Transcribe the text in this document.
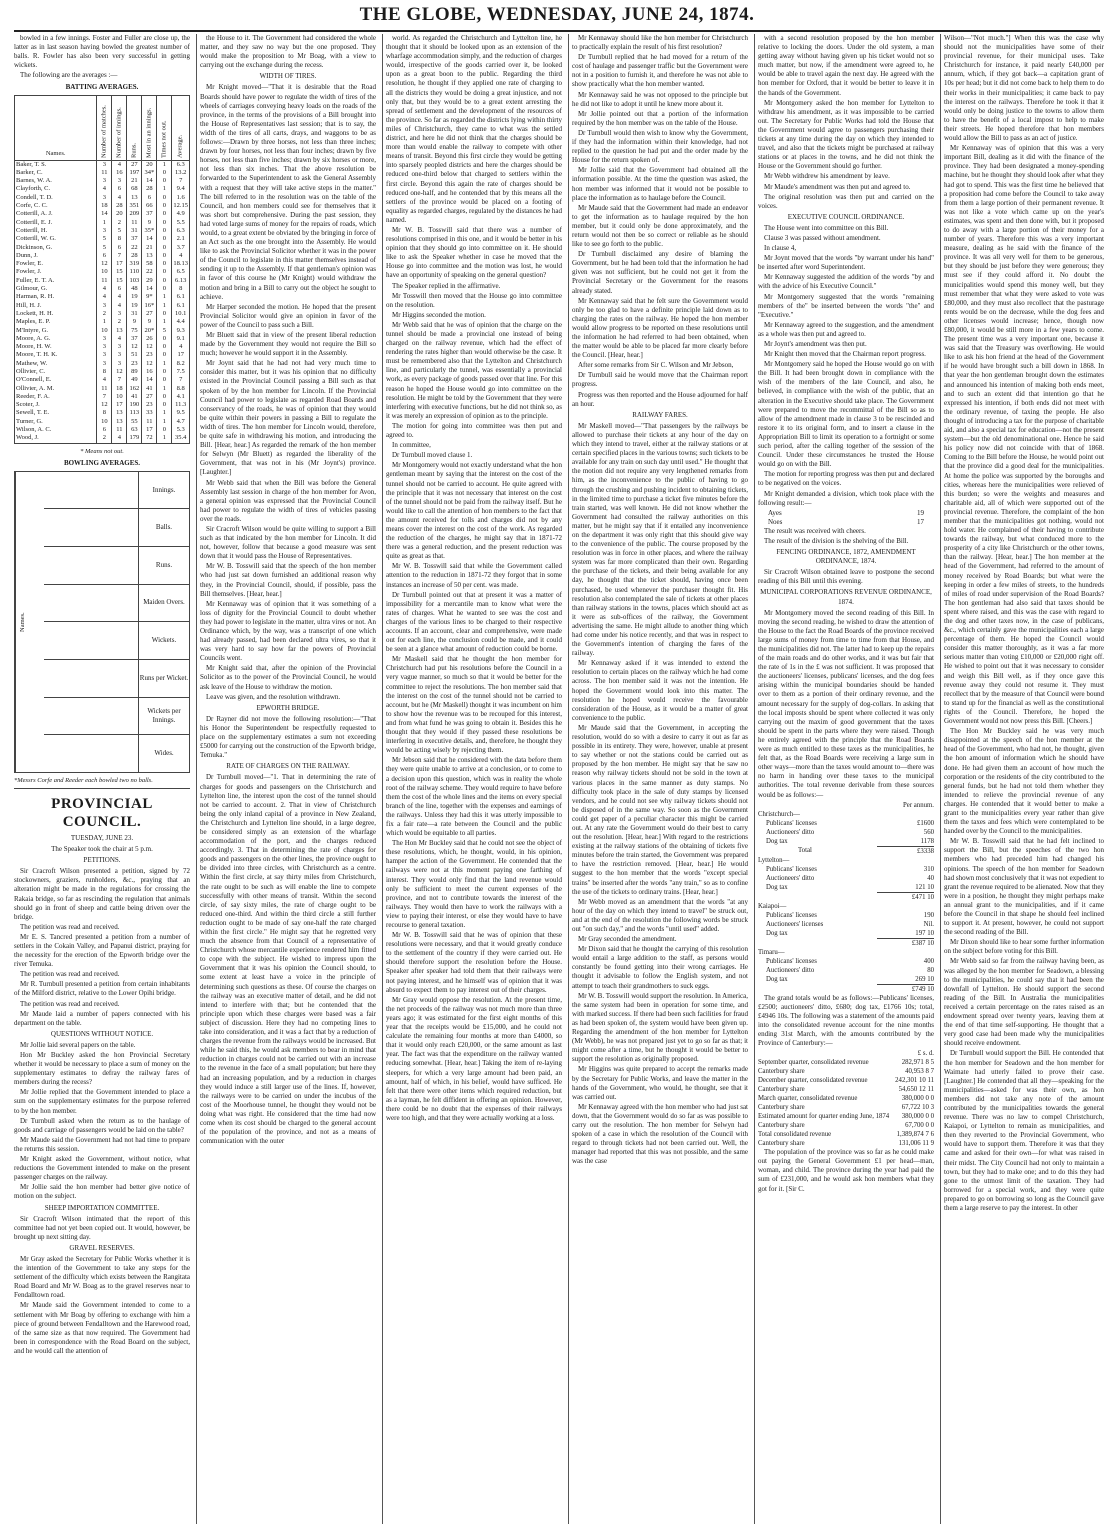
THE GLOBE, WEDNESDAY, JUNE 24, 1874.

bowled in a few innings. Foster and Fuller are close up, the latter as in last season having bowled the greatest number of balls. R. Fowler has also been very successful in getting wickets.

The following are the averages :—

BATTING AVERAGES.
Names.	Number of matches.	Number of innings.	Runs.	Most in an innings.	Times not out.	Average.
Baker, T. S.	3	4	27	20	1	6.3
Barker, C.	11	16	197	34*	0	13.2
Barnes, W. A.	3	3	21	14	0	7
Clayforth, C.	4	6	68	28	1	9.4
Condell, T. D.	3	4	13	6	0	1.6
Corfe, C. C.	18	28	351	66	0	12.15
Cotterill, A. J.	14	20	209	37	0	4.9
Cotterill, E. J.	1	2	11	9	0	5.5
Cotterill, H.	3	5	31	35*	0	6.3
Cotterill, W. G.	5	8	37	14	0	2.1
Dickinson, G.	5	6	22	21	0	3.7
Dunn, J.	6	7	28	13	0	4
Fowler, E.	12	17	319	58	0	18.13
Fowler, J.	10	15	110	22	0	6.5
Fuller, E. T. A.	11	15	103	29	0	6.13
Gilmour, G.	4	6	48	14	0	8
Harman, R. H.	4	4	19	9*	1	6.1
Hill, H. J.	3	4	19	16*	1	6.1
Lockett, H. H.	2	3	31	27	0	10.1
Maples, E. P.	1	2	9	9	1	4.4
M'Intyre, G.	10	13	75	20*	5	9.3
Moore, A. G.	3	4	37	26	0	9.1
Moore, H. W.	3	3	12	12	0	4
Moore, T. H. K.	3	3	51	23	0	17
Mathew, W.	3	3	23	12	1	8.2
Ollivier, C.	8	12	89	16	0	7.5
O'Connell, E.	4	7	49	14	0	7
Ollivier, A. M.	11	18	162	41	1	8.8
Reeder, F. A.	7	10	41	27	0	4.1
Scoter, J.	12	17	190	23	0	11.3
Sewell, T. E.	8	13	113	33	1	9.5
Turner, G.	10	13	55	11	1	4.7
Wilson, A. C.	6	11	63	17	0	5.3
Wood, J.	2	4	179	72	1	35.4
* Means not out.
BOWLING AVERAGES.
Names.
Innings.
Balls.
Runs.
Maiden Overs.
Wickets.
Runs per Wicket.
Wickets per Innings.
Wides.
*Messrs Corfe and Reeder each bowled two no balls.
PROVINCIAL COUNCIL.
TUESDAY, JUNE 23.

The Speaker took the chair at 5 p.m.

PETITIONS.

Sir Cracroft Wilson presented a petition, signed by 72 stockowners, graziers, runholders, &c., praying that an alteration might be made in the regulations for crossing the Rakaia bridge, so far as rescinding the regulation that animals should go in front of sheep and cattle being driven over the bridge.

The petition was read and received.

Mr E. S. Tancred presented a petition from a number of settlers in the Cokain Valley, and Papanui district, praying for the necessity for the erection of the Epworth bridge over the river Temuka.

The petition was read and received.

Mr R. Turnbull presented a petition from certain inhabitants of the Milford district, relative to the Lower Opihi bridge.

The petition was read and received.

Mr Maude laid a number of papers connected with his department on the table.

QUESTIONS WITHOUT NOTICE.

Mr Jollie laid several papers on the table.

Hon Mr Buckley asked the hon Provincial Secretary whether it would be necessary to place a sum of money on the supplementary estimates to defray the railway fares of members during the recess?

Mr Jollie replied that the Government intended to place a sum on the supplementary estimates for the purpose referred to by the hon member.

Dr Turnbull asked when the return as to the haulage of goods and carriage of passengers would be laid on the table?

Mr Maude said the Government had not had time to prepare the returns this session.

Mr Knight asked the Government, without notice, what reductions the Government intended to make on the present passenger charges on the railway.

Mr Jollie said the hon member had better give notice of motion on the subject.

SHEEP IMPORTATION COMMITTEE.

Sir Cracroft Wilson intimated that the report of this committee had not yet been copied out. It would, however, be brought up next sitting day.

GRAVEL RESERVES.

Mr Gray asked the Secretary for Public Works whether it is the intention of the Government to take any steps for the settlement of the difficulty which exists between the Rangitata Road Board and Mr W. Boag as to the gravel reserves near to Fendalltown road.

Mr Maude said the Government intended to come to a settlement with Mr Boag by offering to exchange with him a piece of ground between Fendalltown and the Harewood road, of the same size as that now required. The Government had been in correspondence with the Road Board on the subject, and he would call the attention of

the House to it. The Government had considered the whole matter, and they saw no way but the one proposed. They would make the proposition to Mr Boag, with a view to carrying out the exchange during the recess.

WIDTH OF TIRES.

Mr Knight moved—"That it is desirable that the Road Boards should have power to regulate the width of tires of the wheels of carriages conveying heavy loads on the roads of the province, in the terms of the provisions of a Bill brought into the House of Representatives last session; that is to say, the width of the tires of all carts, drays, and waggons to be as follows:—Drawn by three horses, not less than three inches; drawn by four horses, not less than four inches; drawn by five horses, not less than five inches; drawn by six horses or more, not less than six inches. That the above resolution be forwarded to the Superintendent to ask the General Assembly with a request that they will take active steps in the matter." The bill referred to in the resolution was on the table of the Council, and hon members could see for themselves that it was short but comprehensive. During the past session, they had voted large sums of money for the repairs of roads, which would, to a great extent be obviated by the bringing in force of an Act such as the one brought into the Assembly. He would like to ask the Provincial Solicitor whether it was in the power of the Council to legislate in this matter themselves instead of sending it up to the Assembly. If that gentleman's opinion was in favor of this course he (Mr Knight) would withdraw the motion and bring in a Bill to carry out the object he sought to achieve.

Mr Harper seconded the motion. He hoped that the present Provincial Solicitor would give an opinion in favor of the power of the Council to pass such a Bill.

Mr Bluett said that in view of the present liberal reduction made by the Government they would not require the Bill so much; however he would support it in the Assembly.

Mr Joynt said that he had not had very much time to consider this matter, but it was his opinion that no difficulty existed in the Provincial Council passing a Bill such as that spoken of by the hon member for Lincoln. If the Provincial Council had power to legislate as regarded Road Boards and conservancy of the roads, he was of opinion that they would be quite within their powers in passing a Bill to regulate the width of tires. The hon member for Lincoln would, therefore, be quite safe in withdrawing his motion, and introducing the Bill. [Hear, hear.] As regarded the remark of the hon member for Selwyn (Mr Bluett) as regarded the liberality of the Government, that was not in his (Mr Joynt's) province. [Laughter.]

Mr Webb said that when the Bill was before the General Assembly last session in charge of the hon member for Avon, a general opinion was expressed that the Provincial Council had power to regulate the width of tires of vehicles passing over the roads.

Sir Cracroft Wilson would be quite willing to support a Bill such as that indicated by the hon member for Lincoln. It did not, however, follow that because a good measure was sent down that it would pass the House of Representatives.

Mr W. B. Tosswill said that the speech of the hon member who had just sat down furnished an additional reason why they, in the Provincial Council, should, if possible, pass the Bill themselves. [Hear, hear.]

Mr Kennaway was of opinion that it was something of a loss of dignity for the Provincial Council to doubt whether they had power to legislate in the matter, ultra vires or not. An Ordinance which, by the way, was a transcript of one which had already passed, had been declared ultra vires, so that it was very hard to say how far the powers of Provincial Councils went.

Mr Knight said that, after the opinion of the Provincial Solicitor as to the power of the Provincial Council, he would ask leave of the House to withdraw the motion.

Leave was given, and the resolution withdrawn.

EPWORTH BRIDGE.

Dr Rayner did not move the following resolution:—"That his Honor the Superintendent be respectfully requested to place on the supplementary estimates a sum not exceeding £5000 for carrying out the construction of the Epworth bridge, Temuka."

RATE OF CHARGES ON THE RAILWAY.

Dr Turnbull moved—"1. That in determining the rate of charges for goods and passengers on the Christchurch and Lyttelton line, the interest upon the cost of the tunnel should not be carried to account. 2. That in view of Christchurch being the only inland capital of a province in New Zealand, the Christchurch and Lyttelton line should, in a large degree, be considered simply as an extension of the wharfage accommodation of the port, and the charges reduced accordingly. 3. That in determining the rate of charges for goods and passengers on the other lines, the province ought to be divided into three circles, with Christchurch as a centre. Within the first circle, at say thirty miles from Christchurch, the rate ought to be such as will enable the line to compete successfully with other means of transit. Within the second circle, of say sixty miles, the rate of charge ought to be reduced one-third. And within the third circle a still further reduction ought to be made of say one-half the rate charged within the first circle." He might say that he regretted very much the absence from that Council of a representative of Christchurch whose mercantile experience rendered him fitted to cope with the subject. He wished to impress upon the Government that it was his opinion the Council should, to some extent at least have a voice in the principle of determining such questions as these. Of course the charges on the railway was an executive matter of detail, and he did not intend to interfere with that; but he contended that the principle upon which these charges were based was a fair subject of discussion. Here they had no competing lines to take into consideration, and it was a fact that by a reduction of charges the revenue from the railways would be increased. But while he said this, he would ask members to bear in mind that reduction in charges could not be carried out with an increase to the revenue in the face of a small population; but here they had an increasing population, and by a reduction in charges they would induce a still larger use of the lines. If, however, the railways were to be carried on under the incubus of the cost of the Moorhouse tunnel, he thought they would not be doing what was right. He considered that the time had now come when its cost should be charged to the general account of the population of the province, and not as a means of communication with the outer

world. As regarded the Christchurch and Lyttelton line, he thought that it should be looked upon as an extension of the wharfage accommodation simply, and the reduction of charges would, irrespective of the goods carried over it, be looked upon as a great boon to the public. Regarding the third resolution, he thought if they applied one rate of charging to all the districts they would be doing a great injustice, and not only that, but they would be to a great extent arresting the spread of settlement and the development of the resources of the province. So far as regarded the districts lying within thirty miles of Christchurch, they came to what was the settled district, and here he did not think that the charges should be more than would enable the railway to compete with other means of transit. Beyond this first circle they would be getting into sparsely peopled districts and here the charges should be reduced one-third below that charged to settlers within the first circle. Beyond this again the rate of charges should be reduced one-half, and he contended that by this means all the settlers of the province would be placed on a footing of equality as regarded charges, regulated by the distances he had named.

Mr W. B. Tosswill said that there was a number of resolutions comprised in this one, and it would be better in his opinion that they should go into committee on it. He should like to ask the Speaker whether in case he moved that the House go into committee and the motion was lost, he would have an opportunity of speaking on the general question?

The Speaker replied in the affirmative.

Mr Tosswill then moved that the House go into committee on the resolution.

Mr Higgins seconded the motion.

Mr Webb said that he was of opinion that the charge on the tunnel should be made a provincial one instead of being charged on the railway revenue, which had the effect of rendering the rates higher than would otherwise be the case. It must be remembered also that the Lyttelton and Christchurch line, and particularly the tunnel, was essentially a provincial work, as every package of goods passed over that line. For this reason he hoped the House would go into committee on the resolution. He might be told by the Government that they were interfering with executive functions, but he did not think so, as it was merely an expression of opinion as to the principle.

The motion for going into committee was then put and agreed to.

In committee,

Dr Turnbull moved clause 1.

Mr Montgomery would not exactly understand what the hon gentleman meant by saying that the interest on the cost of the tunnel should not be carried to account. He quite agreed with the principle that it was not necessary that interest on the cost of the tunnel should not be paid from the railway itself. But he would like to call the attention of hon members to the fact that the amount received for tolls and charges did not by any means cover the interest on the cost of the work. As regarded the reduction of the charges, he might say that in 1871-72 there was a general reduction, and the present reduction was quite as great as that.

Mr W. B. Tosswill said that while the Government called attention to the reduction in 1871-72 they forgot that in some instances an increase of 50 per cent. was made.

Dr Turnbull pointed out that at present it was a matter of impossibility for a mercantile man to know what were the rates of charges. What he wanted to see was the cost and charges of the various lines to be charged to their respective accounts. If an account, clear and comprehensive, were made out for each line, the conclusion could be made, and it could be seen at a glance what amount of reduction could be borne.

Mr Maskell said that he thought the hon member for Christchurch had put his resolutions before the Council in a very vague manner, so much so that it would be better for the committee to reject the resolutions. The hon member said that the interest on the cost of the tunnel should not be carried to account, but he (Mr Maskell) thought it was incumbent on him to show how the revenue was to be recouped for this interest, and from what fund he was going to obtain it. Besides this he thought that they would if they passed these resolutions be interfering in executive details, and, therefore, he thought they would be acting wisely by rejecting them.

Mr Jebson said that he considered with the data before them they were quite unable to arrive at a conclusion, or to come to a decision upon this question, which was in reality the whole root of the railway scheme. They would require to have before them the cost of the whole lines and the items on every special branch of the line, together with the expenses and earnings of the railways. Unless they had this it was utterly impossible to fix a fair rate—a rate between the Council and the public which would be equitable to all parties.

The Hon Mr Buckley said that he could not see the object of these resolutions, which, he thought, would, in his opinion, hamper the action of the Government. He contended that the railways were not at this moment paying one farthing of interest. They would only find that the land revenue would only be sufficient to meet the current expenses of the province, and not to contribute towards the interest of the railways. They would then have to work the railways with a view to paying their interest, or else they would have to have recourse to general taxation.

Mr W. B. Tosswill said that he was of opinion that these resolutions were necessary, and that it would greatly conduce to the settlement of the country if they were carried out. He should therefore support the resolution before the House. Speaker after speaker had told them that their railways were not paying interest, and he himself was of opinion that it was absurd to expect them to pay interest out of their charges.

Mr Gray would oppose the resolution. At the present time, the net proceeds of the railway was not much more than three years ago; it was estimated for the first eight months of this year that the receipts would be £15,000, and he could not calculate the remaining four months at more than £4000, so that it would only reach £20,000, or the same amount as last year. The fact was that the expenditure on the railway wanted reducing somewhat. [Hear, hear.] Taking the item of re-laying sleepers, for which a very large amount had been paid, an amount, half of which, in his belief, would have sufficed. He felt that there were other items which required reduction, but as a layman, he felt diffident in offering an opinion. However, there could be no doubt that the expenses of their railways were too high, and that they were actually working at a loss.

Mr Kennaway should like the hon member for Christchurch to practically explain the result of his first resolution?

Dr Turnbull replied that he had moved for a return of the cost of haulage and passenger traffic but the Government were not in a position to furnish it, and therefore he was not able to show practically what the hon member wanted.

Mr Kennaway said he was not opposed to the principle but he did not like to adopt it until he knew more about it.

Mr Jollie pointed out that a portion of the information required by the hon member was on the table of the House.

Dr Turnbull would then wish to know why the Government, if they had the information within their knowledge, had not replied to the question he had put and the order made by the House for the return spoken of.

Mr Jollie said that the Government had obtained all the information possible. At the time the question was asked, the hon member was informed that it would not be possible to place the information as to haulage before the Council.

Mr Maude said that the Government had made an endeavor to get the information as to haulage required by the hon member, but it could only be done approximately, and the return would not then be so correct or reliable as he should like to see go forth to the public.

Dr Turnbull disclaimed any desire of blaming the Government, but he had been told that the information he had given was not sufficient, but he could not get it from the Provincial Secretary or the Government for the reasons already stated.

Mr Kennaway said that he felt sure the Government would only be too glad to have a definite principle laid down as to charging the rates on the railway. He hoped the hon member would allow progress to be reported on these resolutions until the information he had referred to had been obtained, when the matter would be able to be placed far more clearly before the Council. [Hear, hear.]

After some remarks from Sir C. Wilson and Mr Jebson,

Dr Turnbull said he would move that the Chairman report progress.

Progress was then reported and the House adjourned for half an hour.

RAILWAY FARES.

Mr Maskell moved—"That passengers by the railways be allowed to purchase their tickets at any hour of the day on which they intend to travel, either at the railway stations or at certain specified places in the various towns; such tickets to be available for any train on such day until used." He thought that the motion did not require any very lengthened remarks from him, as the inconvenience to the public of having to go through the crushing and pushing incident to obtaining tickets, in the limited time to purchase a ticket five minutes before the train started, was well known. He did not know whether the Government had consulted the railway authorities on this matter, but he might say that if it entailed any inconvenience on the department it was only right that this should give way to the convenience of the public. The course proposed by the resolution was in force in other places, and where the railway system was far more complicated than their own. Regarding the purchase of the tickets, and their being available for any day, he thought that the ticket should, having once been purchased, be used whenever the purchaser thought fit. His resolution also contemplated the sale of tickets at other places than railway stations in the towns, places which should act as it were as sub-offices of the railway, the Government advertising the same. He might allude to another thing which had come under his notice recently, and that was in respect to the Government's intention of charging the fares of the railway.

Mr Kennaway asked if it was intended to extend the resolution to certain places on the railway which he had come across. The hon member said it was not the intention. He hoped the Government would look into this matter. The resolution he hoped would receive the favourable consideration of the House, as it would be a matter of great convenience to the public.

Mr Maude said that the Government, in accepting the resolution, would do so with a desire to carry it out as far as possible in its entirety. They were, however, unable at present to say whether or not the stations could be carried out as proposed by the hon member. He might say that he saw no reason why railway tickets should not be sold in the town at various places in the same manner as duty stamps. No difficulty took place in the sale of duty stamps by licensed vendors, and he could not see why railway tickets should not be disposed of in the same way. So soon as the Government could get paper of a peculiar character this might be carried out. At any rate the Government would do their best to carry out the resolution. [Hear, hear.] With regard to the restrictions existing at the railway stations of the obtaining of tickets five minutes before the train started, the Government was prepared to have the restriction removed. [Hear, hear.] He would suggest to the hon member that the words "except special trains" be inserted after the words "any train," so as to confine the use of the tickets to ordinary trains. [Hear, hear.]

Mr Webb moved as an amendment that the words "at any hour of the day on which they intend to travel" be struck out, and at the end of the resolution the following words be struck out "on such day," and the words "until used" added.

Mr Gray seconded the amendment.

Mr Dixon said that he thought the carrying of this resolution would entail a large addition to the staff, as persons would constantly be found getting into their wrong carriages. He thought it advisable to follow the English system, and not attempt to teach their grandmothers to suck eggs.

Mr W. B. Tosswill would support the resolution. In America, the same system had been in operation for some time, and with marked success. If there had been such facilities for fraud as had been spoken of, the system would have been given up. Regarding the amendment of the hon member for Lyttelton (Mr Webb), he was not prepared just yet to go so far as that; it might come after a time, but he thought it would be better to support the resolution as originally proposed.

Mr Higgins was quite prepared to accept the remarks made by the Secretary for Public Works, and leave the matter in the hands of the Government, who would, he thought, see that it was carried out.

Mr Kennaway agreed with the hon member who had just sat down, that the Government would do so far as was possible to carry out the resolution. The hon member for Selwyn had spoken of a case in which the resolution of the Council with regard to through tickets had not been carried out. Well, the manager had reported that this was not possible, and the same was the case

with a second resolution proposed by the hon member relative to locking the doors. Under the old system, a man getting away without having given up his ticket would not so much matter, but now, if the amendment were agreed to, he would be able to travel again the next day. He agreed with the hon member for Oxford, that it would be better to leave it in the hands of the Government.

Mr Montgomery asked the hon member for Lyttelton to withdraw his amendment, as it was impossible to be carried out. The Secretary for Public Works had told the House that the Government would agree to passengers purchasing their tickets at any time during the day on which they intended to travel, and also that the tickets might be purchased at railway stations or at places in the towns, and he did not think the House or the Government should go further.

Mr Webb withdrew his amendment by leave.

Mr Maude's amendment was then put and agreed to.

The original resolution was then put and carried on the voices.

EXECUTIVE COUNCIL ORDINANCE.

The House went into committee on this Bill.

Clause 3 was passed without amendment.

In clause 4,

Mr Joynt moved that the words "by warrant under his hand" be inserted after word Superintendent.

Mr Kennaway suggested the addition of the words "by and with the advice of his Executive Council."

Mr Montgomery suggested that the words "remaining members of the" be inserted between the words "the" and "Executive."

Mr Kennaway agreed to the suggestion, and the amendment as a whole was then put and agreed to.

Mr Joynt's amendment was then put.

Mr Knight then moved that the Chairman report progress.

Mr Montgomery said he hoped the House would go on with the Bill. It had been brought down in compliance with the wish of the members of the late Council, and also, he believed, in compliance with the wish of the public, that an alteration in the Executive should take place. The Government were prepared to move the recommittal of the Bill so as to allow of the amendment made in clause 3 to be rescinded and restore it to its original form, and to insert a clause in the Appropriation Bill to limit its operation to a fortnight or some such period, after the calling together of the session of the Council. Under these circumstances he trusted the House would go on with the Bill.

The motion for reporting progress was then put and declared to be negatived on the voices.

Mr Knight demanded a division, which took place with the following result:—

Ayes	19
Noes	17

The result was received with cheers.

The result of the division is the shelving of the Bill.

FENCING ORDINANCE, 1872, AMENDMENT ORDINANCE, 1874.

Sir Cracroft Wilson obtained leave to postpone the second reading of this Bill until this evening.

MUNICIPAL CORPORATIONS REVENUE ORDINANCE, 1874.

Mr Montgomery moved the second reading of this Bill. In moving the second reading, he wished to draw the attention of the House to the fact the Road Boards of the province received large sums of money from time to time from that House, and the municipalities did not. The latter had to keep up the repairs of the main roads and do other works, and it was but fair that the rate of 1s in the £ was not sufficient. It was proposed that the auctioneers' licenses, publicans' licenses, and the dog fees arising within the municipal boundaries should be handed over to them as a portion of their ordinary revenue, and the amount necessary for the supply of dog-collars. In asking that the local imposts should be spent where collected it was only carrying out the maxim of good government that the taxes should be spent in the parts where they were raised. Though he entirely agreed with the principle that the Road Boards were as much entitled to these taxes as the municipalities, he felt that, as the Road Boards were receiving a large sum in other ways—more than the taxes would amount to—there was no harm in handing over these taxes to the municipal authorities. The total revenue derivable from these sources would be as follows:—

	Per annum.
Christchurch—	
Publicans' licenses	£1600
Auctioneers' ditto	560
Dog tax	1178
Total	£3338
Lyttelton—	
Publicans' licenses	310
Auctioneers' ditto	40
Dog tax	121 10
	£471 10
Kaiapoi—	
Publicans' licenses	190
Auctioneers' licenses	Nil.
Dog tax	197 10
	£387 10
Timaru—	
Publicans' licenses	400
Auctioneers' ditto	80
Dog tax	269 10
	£749 10

The grand totals would be as follows:—Publicans' licenses, £2500; auctioneers' ditto, £680; dog tax, £1766 10s; total, £4946 10s. The following was a statement of the amounts paid into the consolidated revenue account for the nine months ending 31st March, with the amounts contributed by the Province of Canterbury:—

	£ s. d.
September quarter, consolidated revenue	282,971 8 5
Canterbury share	40,953 8 7
December quarter, consolidated revenue	242,301 10 11
Canterbury share	54,650 12 11
March quarter, consolidated revenue	380,000 0 0
Canterbury share	67,722 10 3
Estimated amount for quarter ending June, 1874	380,000 0 0
Canterbury share	67,700 0 0
Total consolidated revenue	1,389,874 7 6
Canterbury share	131,006 11 9

The population of the province was so far as he could make out paying the General Government £1 per head—man, woman, and child. The province during the year had paid the sum of £231,000, and he would ask hon members what they got for it. [Sir C.

Wilson—"Not much."] When this was the case why should not the municipalities have some of their provincial revenue, for their municipal uses. Take Christchurch for instance, it paid nearly £40,000 per annum, which, if they got back—a capitation grant of 10s per head; but it did not come back to help them to do their works in their municipalities; it came back to pay the interest on the railways. Therefore he took it that it would only be doing justice to the towns to allow them to have the benefit of a local impost to help to make their streets. He hoped therefore that hon members would allow the Bill to pass as an act of justice.

Mr Kennaway was of opinion that this was a very important Bill, dealing as it did with the finance of the province. They had been designated a money-spending machine, but he thought they should look after what they had got to spend. This was the first time he believed that a proposition had come before the Council to take away from them a large portion of their permanent revenue. It was not like a vote which came up on the year's estimates, was spent and then done with, but it proposed to do away with a large portion of their money for a number of years. Therefore this was a very important measure, dealing as he said with the finance of the province. It was all very well for them to be generous, but they should be just before they were generous; they must see if they could afford it. No doubt the municipalities would spend this money well, but they must remember that what they were asked to vote was £80,000, and they must also recollect that the pasturage rents would be on the decrease, while the dog fees and other licenses would increase; hence, though now £80,000, it would be still more in a few years to come. The present time was a very important one, because it was said that the Treasury was overflowing. He would like to ask his hon friend at the head of the Government if he would have brought such a bill down in 1868. In that year the hon gentleman brought down the estimates and announced his intention of making both ends meet, and to such an extent did that intention go that he expressed his intention, if both ends did not meet with the ordinary revenue, of taxing the people. He also thought of introducing a tax for the purpose of charitable aid, and also a special tax for education—not the present system—but the old denominational one. Hence he said his policy now did not coincide with that of 1868. Coming to the Bill before the House, he would point out that the province did a good deal for the municipalities. At home the police was supported by the boroughs and cities, whereas here the municipalities were relieved of this burden; so were the weights and measures and charitable aid, all of which were supported out of the provincial revenue. Therefore, the complaint of the hon member that the municipalities got nothing, would not hold water. He complained of their having to contribute towards the railway, but what conduced more to the prosperity of a city like Christchurch or the other towns, than the railway. [Hear, hear.] The hon member at the head of the Government, had referred to the amount of money received by Road Boards; but what were the keeping in order a few miles of streets, to the hundreds of miles of road under supervision of the Road Boards? The hon gentleman had also said that taxes should be spent where raised, and this was the case with regard to the dog and other taxes now, in the case of publicans, &c., which certainly gave the municipalities each a large percentage of them. He hoped the Council would consider this matter thoroughly, as it was a far more serious matter than voting £10,000 or £20,000 right off. He wished to point out that it was necessary to consider and weigh this Bill well, as if they once gave this revenue away they could not resume it. They must recollect that by the measure of that Council were bound to stand up for the financial as well as the constitutional rights of the Council. Therefore, he hoped the Government would not now press this Bill. [Cheers.]

The Hon Mr Buckley said he was very much disappointed at the speech of the hon member at the head of the Government, who had not, he thought, given the hon amount of information which he should have done. He had given them an account of how much the corporation or the residents of the city contributed to the general funds, but he had not told them whether they intended to relieve the provincial revenue of any charges. He contended that it would better to make a grant to the municipalities every year rather than give them the taxes and fees which were contemplated to be handed over by the Council to the municipalities.

Mr W. B. Tosswill said that he had felt inclined to support the Bill, but the speeches of the two hon members who had preceded him had changed his opinions. The speech of the hon member for Seadown had shown most conclusively that it was not expedient to grant the revenue required to be alienated. Now that they were in a position, he thought they might perhaps make an annual grant to the municipalities, and if it came before the Council in that shape he should feel inclined to support it. At present, however, he could not support the second reading of the Bill.

Mr Dixon should like to hear some further information on the subject before voting for this Bill.

Mr Webb said so far from the railway having been, as was alleged by the hon member for Seadown, a blessing to the municipalities, he could say that it had been the downfall of Lyttelton. He should support the second reading of the Bill. In Australia the municipalities received a certain percentage on the rates raised as an endowment spread over twenty years, leaving them at the end of that time self-supporting. He thought that a very good case had been made why the municipalities should receive endowment.

Dr Turnbull would support the Bill. He contended that the hon member for Seadown and the hon member for Waimate had utterly failed to prove their case. [Laughter.] He contended that all they—speaking for the municipalities—asked for was their own, as hon members did not take any note of the amount contributed by the municipalities towards the general revenue. There was no law to compel Christchurch, Kaiapoi, or Lyttelton to remain as municipalities, and then they reverted to the Provincial Government, who would have to support them. Therefore it was that they came and asked for their own—for what was raised in their midst. The City Council had not only to maintain a town, but they had to make one; and to do this they had gone to the utmost limit of the taxation. They had borrowed for a special work, and they were quite prepared to go on borrowing so long as the Council gave them a large reserve to pay the interest. In other
